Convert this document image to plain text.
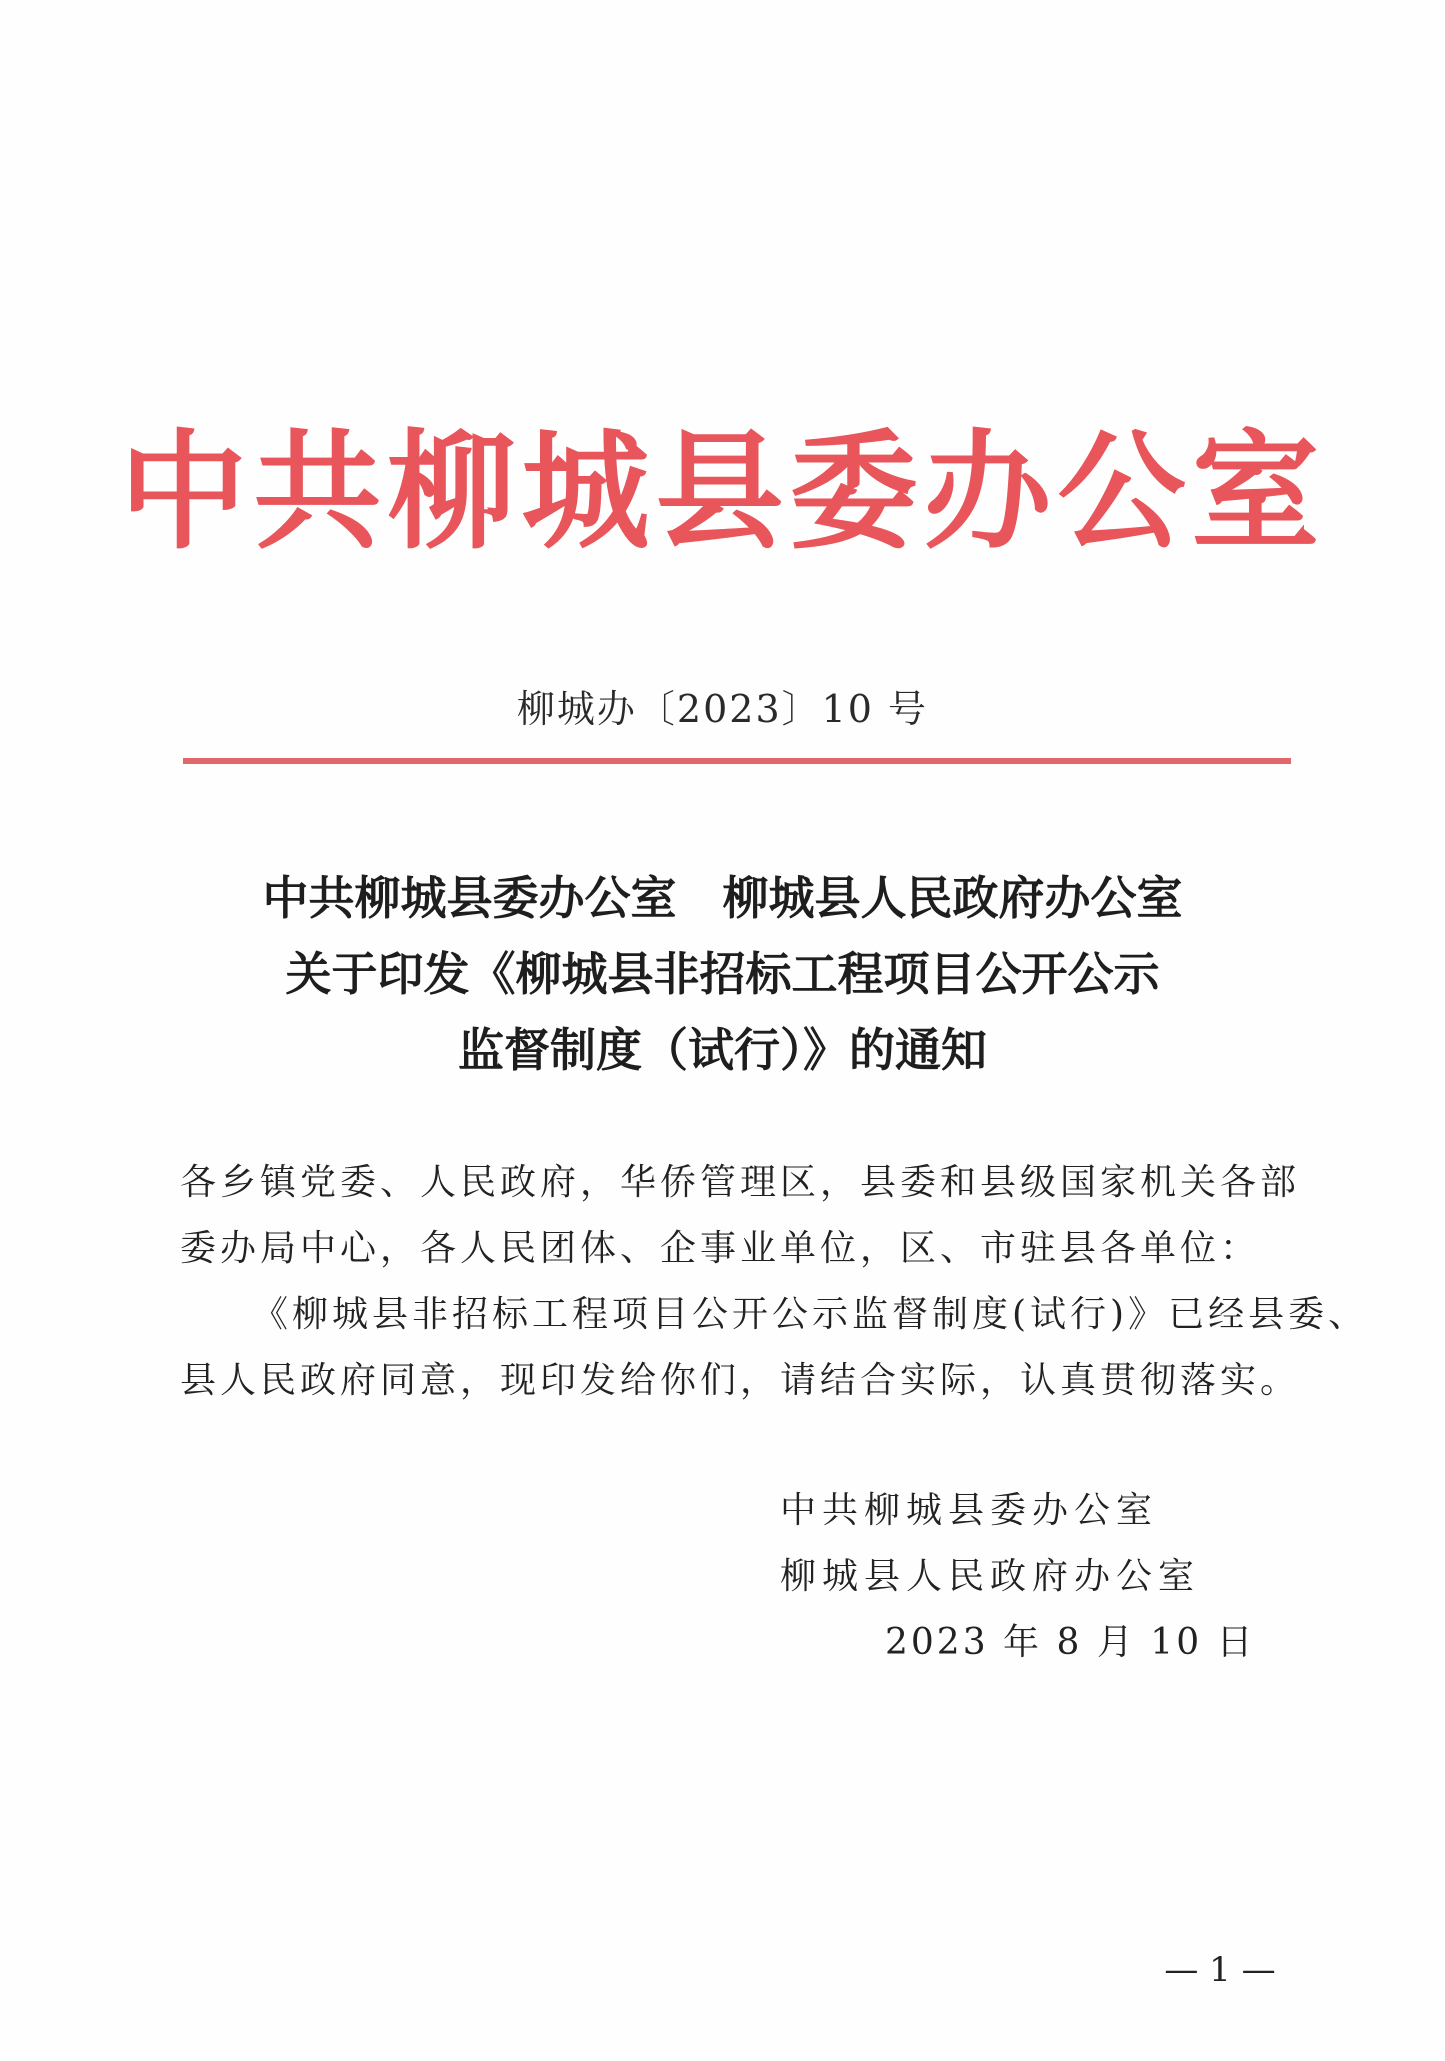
中共柳城县委办公室
柳城办〔2023〕10 号
中共柳城县委办公室　柳城县人民政府办公室
关于印发《柳城县非招标工程项目公开公示
监督制度（试行）》的通知
各乡镇党委、人民政府，华侨管理区，县委和县级国家机关各部
委办局中心，各人民团体、企事业单位，区、市驻县各单位：
《柳城县非招标工程项目公开公示监督制度(试行)》已经县委、
县人民政府同意，现印发给你们，请结合实际，认真贯彻落实。
中共柳城县委办公室
柳城县人民政府办公室
2023 年 8 月 10 日
— 1 —
